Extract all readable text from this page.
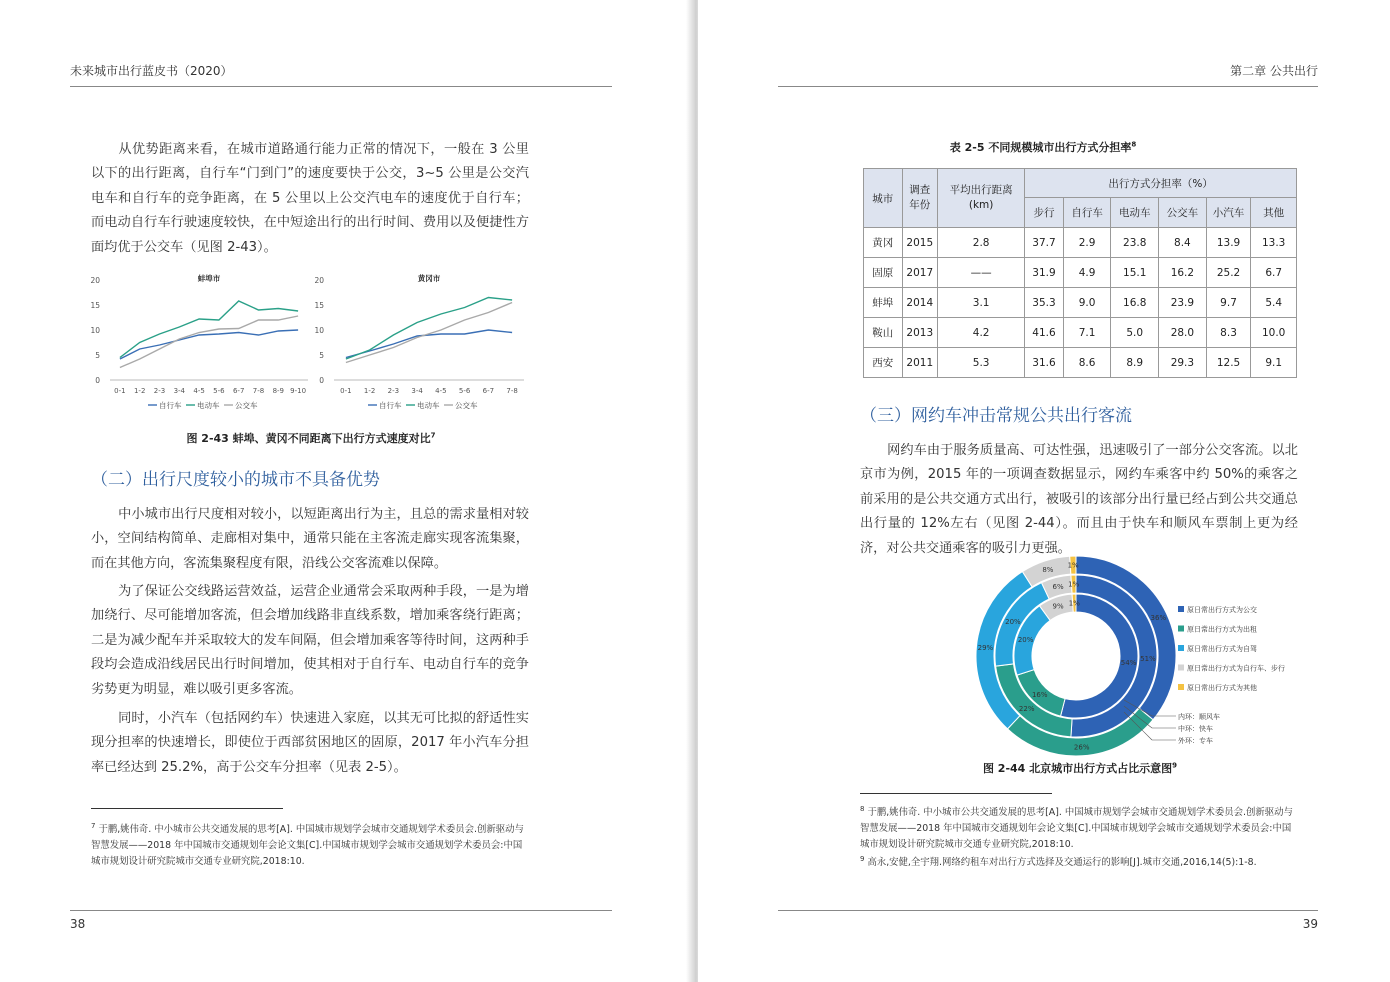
未来城市出行蓝皮书（2020）

从优势距离来看，在城市道路通行能力正常的情况下，一般在 3 公里以下的出行距离，自行车“门到门”的速度要快于公交，3~5 公里是公交汽电车和自行车的竞争距离，在 5 公里以上公交汽电车的速度优于自行车；而电动自行车行驶速度较快，在中短途出行的出行时间、费用以及便捷性方面均优于公交车（见图 2-43）。

蚌埠市
0
5
10
15
20
0-1 1-2 2-3 3-4 4-5 5-6 6-7 7-8 8-9 9-10
自行车 电动车 公交车
黄冈市
0
5
10
15
20
0-1 1-2 2-3 3-4 4-5 5-6 6-7 7-8
自行车 电动车 公交车
图 2-43 蚌埠、黄冈不同距离下出行方式速度对比$^7$
（二）出行尺度较小的城市不具备优势

中小城市出行尺度相对较小，以短距离出行为主，且总的需求量相对较小，空间结构简单、走廊相对集中，通常只能在主客流走廊实现客流集聚，而在其他方向，客流集聚程度有限，沿线公交客流难以保障。

为了保证公交线路运营效益，运营企业通常会采取两种手段，一是为增加绕行、尽可能增加客流，但会增加线路非直线系数，增加乘客绕行距离；二是为减少配车并采取较大的发车间隔，但会增加乘客等待时间，这两种手段均会造成沿线居民出行时间增加，使其相对于自行车、电动自行车的竞争劣势更为明显，难以吸引更多客流。

同时，小汽车（包括网约车）快速进入家庭，以其无可比拟的舒适性实现分担率的快速增长，即使位于西部贫困地区的固原，2017 年小汽车分担率已经达到 25.2%，高于公交车分担率（见表 2-5）。

$^7$ 于鹏,姚伟奇. 中小城市公共交通发展的思考[A]. 中国城市规划学会城市交通规划学术委员会.创新驱动与智慧发展——2018 年中国城市交通规划年会论文集[C].中国城市规划学会城市交通规划学术委员会:中国城市规划设计研究院城市交通专业研究院,2018:10.
38
第二章 公共出行
表 2-5 不同规模城市出行方式分担率$^8$
城市	调查年份	平均出行距离(km)	出行方式分担率（%）					
			步行	自行车	电动车	公交车	小汽车	其他
黄冈	2015	2.8	37.7	2.9	23.8	8.4	13.9	13.3
固原	2017	——	31.9	4.9	15.1	16.2	25.2	6.7
蚌埠	2014	3.1	35.3	9.0	16.8	23.9	9.7	5.4
鞍山	2013	4.2	41.6	7.1	5.0	28.0	8.3	10.0
西安	2011	5.3	31.6	8.6	8.9	29.3	12.5	9.1
（三）网约车冲击常规公共出行客流

网约车由于服务质量高、可达性强，迅速吸引了一部分公交客流。以北京市为例，2015 年的一项调查数据显示，网约车乘客中约 50%的乘客之前采用的是公共交通方式出行，被吸引的该部分出行量已经占到公共交通总出行量的 12%左右（见图 2-44）。而且由于快车和顺风车票制上更为经济，对公共交通乘客的吸引力更强。

54%
16%
20%
9% 1%
51%
22%
20%
6% 1%
36%
26%
29%
8%
1%
原日常出行方式为公交
原日常出行方式为出租
原日常出行方式为自驾
原日常出行方式为自行车、步行
原日常出行方式为其他
内环：顺风车
中环：快车
外环：专车
图 2-44 北京城市出行方式占比示意图$^9$
$^8$ 于鹏,姚伟奇. 中小城市公共交通发展的思考[A]. 中国城市规划学会城市交通规划学术委员会.创新驱动与智慧发展——2018 年中国城市交通规划年会论文集[C].中国城市规划学会城市交通规划学术委员会:中国城市规划设计研究院城市交通专业研究院,2018:10.
$^9$ 高永,安健,全宇翔.网络约租车对出行方式选择及交通运行的影响[J].城市交通,2016,14(5):1-8.
39
